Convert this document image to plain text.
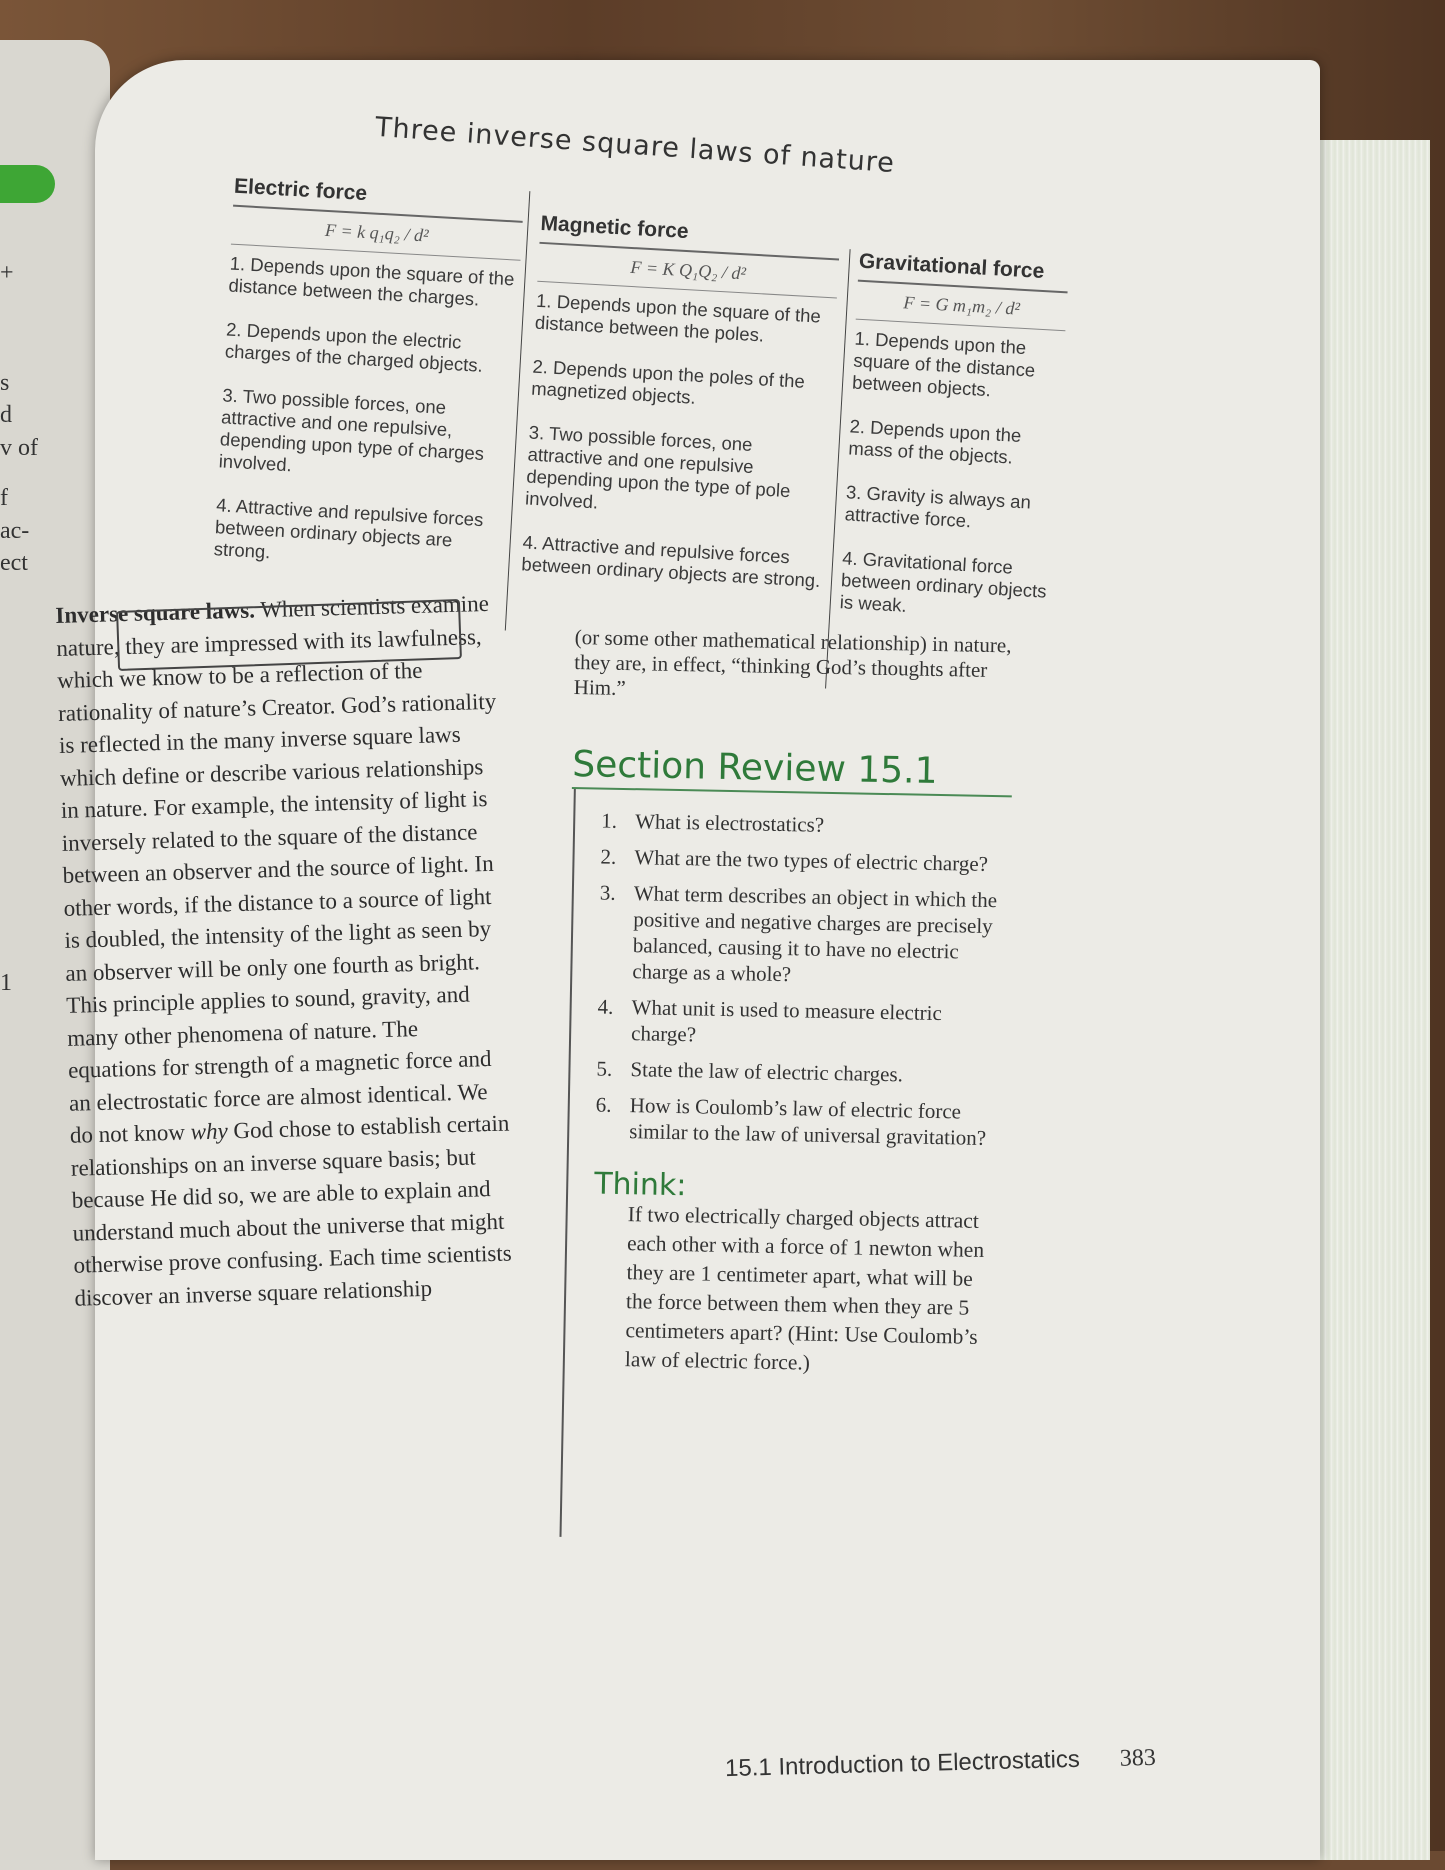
+
s
d
v of
f
ac-
ect
1
Three inverse square laws of nature
Electric force
F = k q₁q₂ / d²
1. Depends upon the square of the distance between the charges.
2. Depends upon the electric charges of the charged objects.
3. Two possible forces, one attractive and one repulsive, depending upon type of charges involved.
4. Attractive and repulsive forces between ordinary objects are strong.
Magnetic force
F = K Q₁Q₂ / d²
1. Depends upon the square of the distance between the poles.
2. Depends upon the poles of the magnetized objects.
3. Two possible forces, one attractive and one repulsive depending upon the type of pole involved.
4. Attractive and repulsive forces between ordinary objects are strong.
Gravitational force
F = G m₁m₂ / d²
1. Depends upon the square of the distance between objects.
2. Depends upon the mass of the objects.
3. Gravity is always an attractive force.
4. Gravitational force between ordinary objects is weak.
Inverse square laws. When scientists examine nature, they are impressed with its lawfulness, which we know to be a reflection of the rationality of nature’s Creator. God’s rationality is reflected in the many inverse square laws which define or describe various relationships in nature. For example, the intensity of light is inversely related to the square of the distance between an observer and the source of light. In other words, if the distance to a source of light is doubled, the intensity of the light as seen by an observer will be only one fourth as bright. This principle applies to sound, gravity, and many other phenomena of nature. The equations for strength of a magnetic force and an electrostatic force are almost identical. We do not know why God chose to establish certain relationships on an inverse square basis; but because He did so, we are able to explain and understand much about the universe that might otherwise prove confusing. Each time scientists discover an inverse square relationship
(or some other mathematical relationship) in nature, they are, in effect, “thinking God’s thoughts after Him.”
Section Review 15.1
1. What is electrostatics?
2. What are the two types of electric charge?
3. What term describes an object in which the positive and negative charges are precisely balanced, causing it to have no electric charge as a whole?
4. What unit is used to measure electric charge?
5. State the law of electric charges.
6. How is Coulomb’s law of electric force similar to the law of universal gravitation?
Think:
If two electrically charged objects attract each other with a force of 1 newton when they are 1 centimeter apart, what will be the force between them when they are 5 centimeters apart? (Hint: Use Coulomb’s law of electric force.)
15.1 Introduction to Electrostatics 383
